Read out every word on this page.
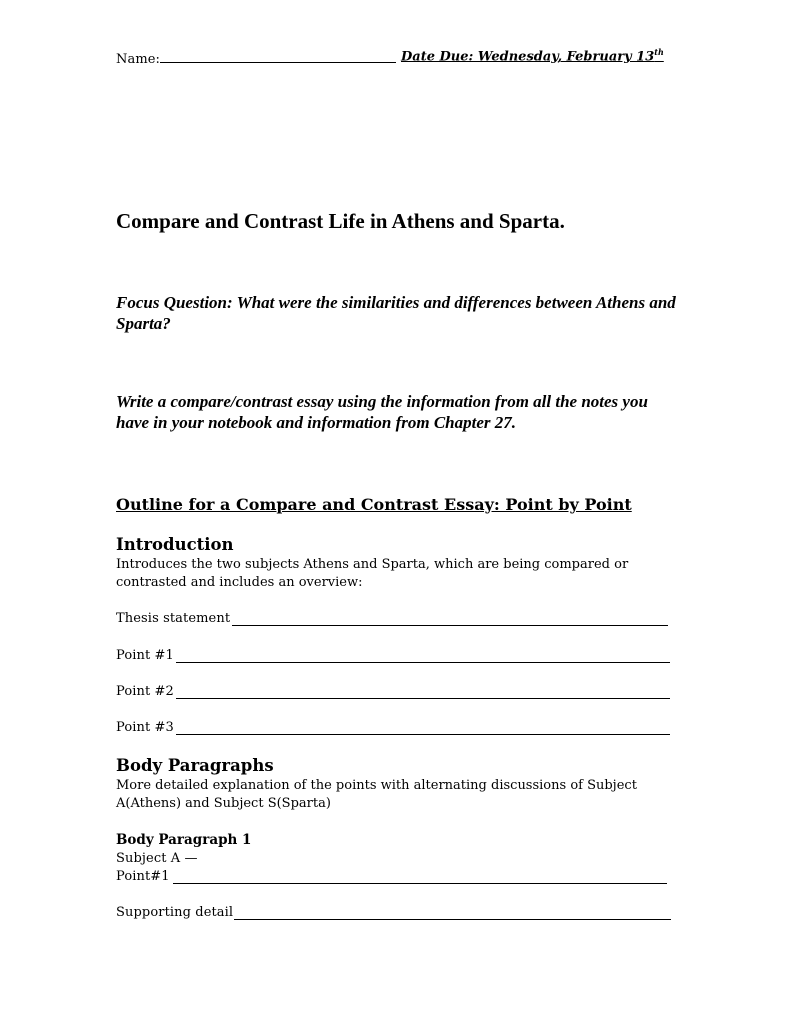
Name:	Date Due: Wednesday, February 13th
Compare and Contrast Life in Athens and Sparta.
Focus Question: What were the similarities and differences between Athens and Sparta?
Write a compare/contrast essay using the information from all the notes you have in your notebook and information from Chapter 27.
Outline for a Compare and Contrast Essay: Point by Point
Introduction
Introduces the two subjects Athens and Sparta, which are being compared or contrasted and includes an overview:
Thesis statement
Point #1
Point #2
Point #3
Body Paragraphs
More detailed explanation of the points with alternating discussions of Subject A(Athens) and Subject S(Sparta)
Body Paragraph 1
Subject A —
Point#1
Supporting detail
